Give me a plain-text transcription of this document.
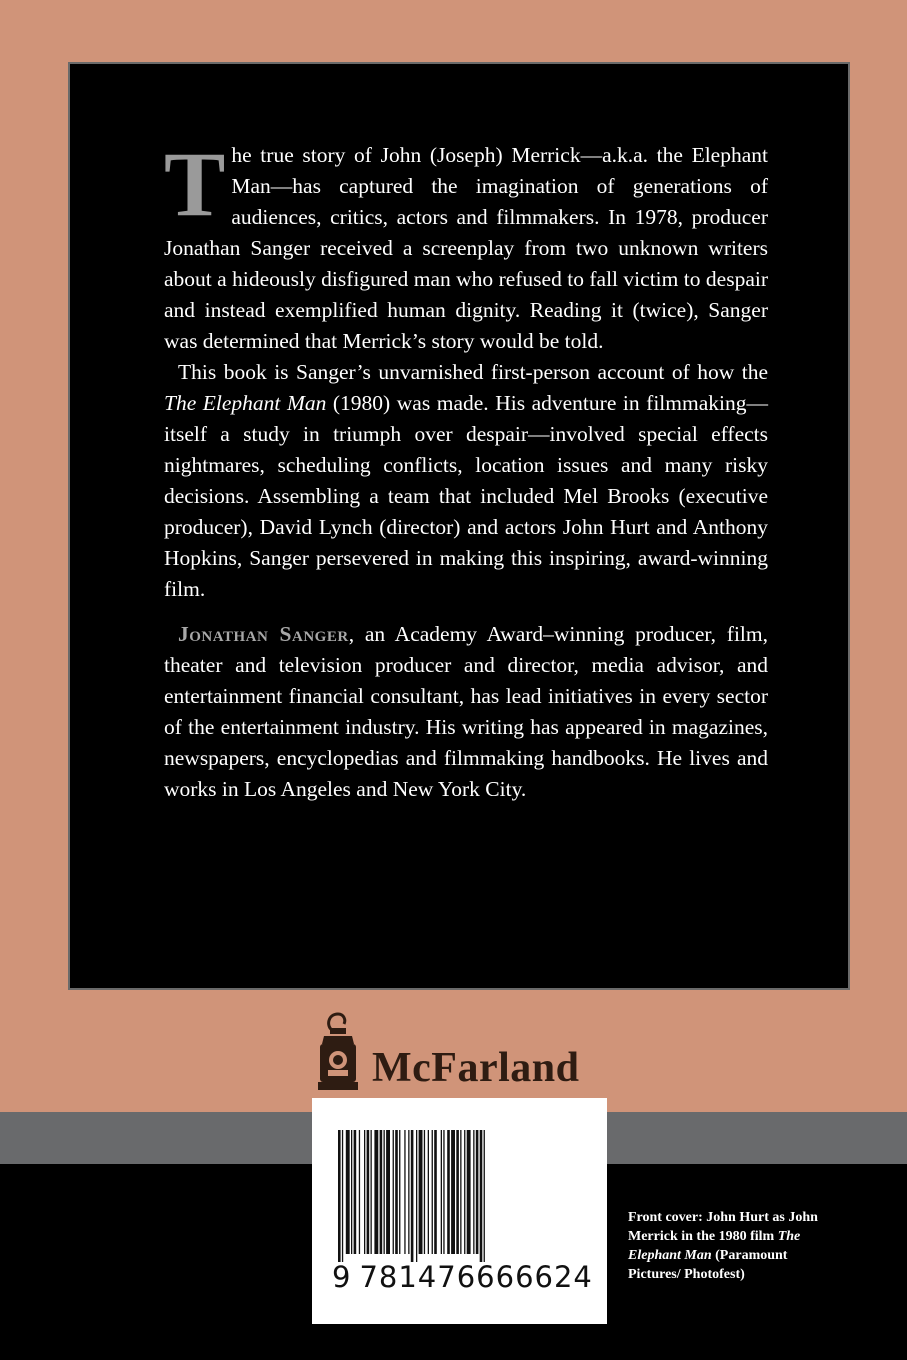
The true story of John (Joseph) Merrick—a.k.a. the Elephant Man—has captured the imagination of generations of audiences, critics, actors and filmmakers. In 1978, producer Jonathan Sanger received a screenplay from two unknown writers about a hideously disfigured man who refused to fall victim to despair and instead exemplified human dignity. Reading it (twice), Sanger was determined that Merrick’s story would be told.

This book is Sanger’s unvarnished first-person account of how the The Elephant Man (1980) was made. His adventure in filmmaking—itself a study in triumph over despair—involved special effects nightmares, scheduling conflicts, location issues and many risky decisions. Assembling a team that included Mel Brooks (executive producer), David Lynch (director) and actors John Hurt and Anthony Hopkins, Sanger persevered in making this inspiring, award-winning film.

Jonathan Sanger, an Academy Award–winning producer, film, theater and television producer and director, media advisor, and entertainment financial consultant, has lead initiatives in every sector of the entertainment industry. His writing has appeared in magazines, newspapers, encyclopedias and filmmaking handbooks. He lives and works in Los Angeles and New York City.

McFarland
9 781476666624
Front cover: John Hurt as John Merrick in the 1980 film The Elephant Man (Paramount Pictures/ Photofest)
